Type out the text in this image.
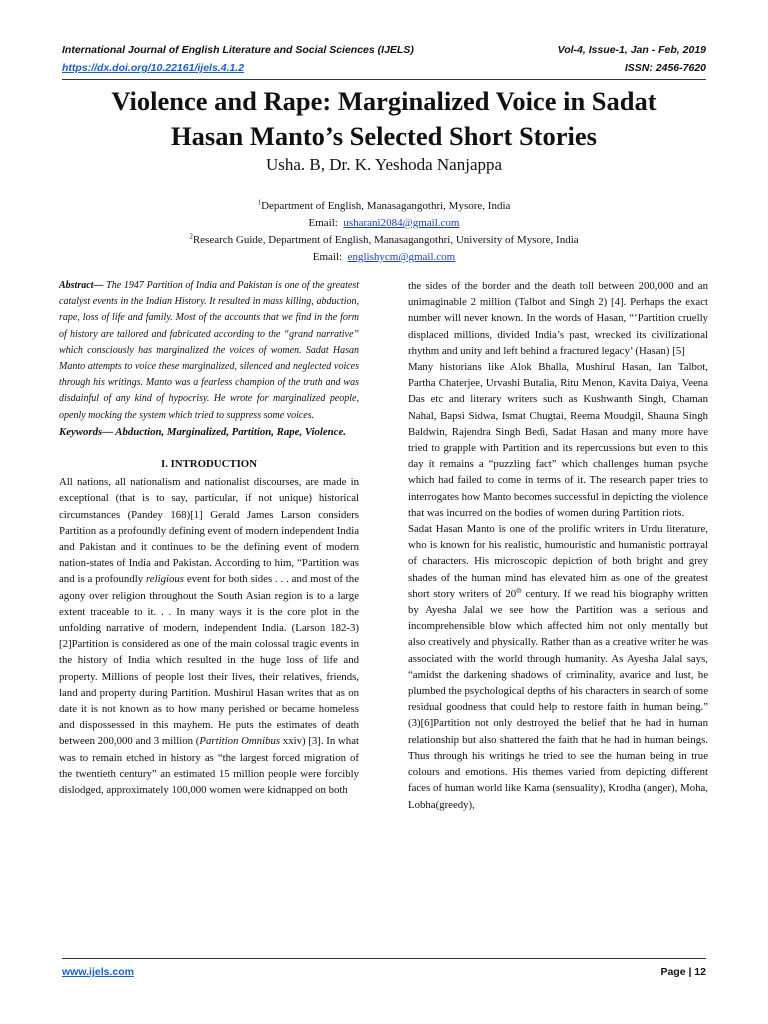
International Journal of English Literature and Social Sciences (IJELS)	Vol-4, Issue-1, Jan - Feb, 2019
https://dx.doi.org/10.22161/ijels.4.1.2	ISSN: 2456-7620
Violence and Rape: Marginalized Voice in Sadat
Hasan Manto’s Selected Short Stories
Usha. B, Dr. K. Yeshoda Nanjappa
$^1$Department of English, Manasagangothri, Mysore, India
Email: usharani2084@gmail.com
$^2$Research Guide, Department of English, Manasagangothri, University of Mysore, India
Email: englishycm@gmail.com

Abstract— The 1947 Partition of India and Pakistan is one of the greatest catalyst events in the Indian History. It resulted in mass killing, abduction, rape, loss of life and family. Most of the accounts that we find in the form of history are tailored and fabricated according to the “grand narrative” which consciously has marginalized the voices of women. Sadat Hasan Manto attempts to voice these marginalized, silenced and neglected voices through his writings. Manto was a fearless champion of the truth and was disdainful of any kind of hypocrisy. He wrote for marginalized people, openly mocking the system which tried to suppress some voices.

Keywords— Abduction, Marginalized, Partition, Rape, Violence.

I. INTRODUCTION

All nations, all nationalism and nationalist discourses, are made in exceptional (that is to say, particular, if not unique) historical circumstances (Pandey 168)[1] Gerald James Larson considers Partition as a profoundly defining event of modern independent India and Pakistan and it continues to be the defining event of modern nation-states of India and Pakistan. According to him, “Partition was and is a profoundly religious event for both sides . . . and most of the agony over religion throughout the South Asian region is to a large extent traceable to it. . . In many ways it is the core plot in the unfolding narrative of modern, independent India. (Larson 182-3) [2]Partition is considered as one of the main colossal tragic events in the history of India which resulted in the huge loss of life and property. Millions of people lost their lives, their relatives, friends, land and property during Partition. Mushirul Hasan writes that as on date it is not known as to how many perished or became homeless and dispossessed in this mayhem. He puts the estimates of death between 200,000 and 3 million (Partition Omnibus xxiv) [3]. In what was to remain etched in history as “the largest forced migration of the twentieth century” an estimated 15 million people were forcibly dislodged, approximately 100,000 women were kidnapped on both

the sides of the border and the death toll between 200,000 and an unimaginable 2 million (Talbot and Singh 2) [4]. Perhaps the exact number will never known. In the words of Hasan, “‘Partition cruelly displaced millions, divided India’s past, wrecked its civilizational rhythm and unity and left behind a fractured legacy’ (Hasan) [5]

Many historians like Alok Bhalla, Mushirul Hasan, Ian Talbot, Partha Chaterjee, Urvashi Butalia, Ritu Menon, Kavita Daiya, Veena Das etc and literary writers such as Kushwanth Singh, Chaman Nahal, Bapsi Sidwa, Ismat Chugtai, Reema Moudgil, Shauna Singh Baldwin, Rajendra Singh Bedi, Sadat Hasan and many more have tried to grapple with Partition and its repercussions but even to this day it remains a “puzzling fact” which challenges human psyche which had failed to come in terms of it. The research paper tries to interrogates how Manto becomes successful in depicting the violence that was incurred on the bodies of women during Partition riots.

Sadat Hasan Manto is one of the prolific writers in Urdu literature, who is known for his realistic, humouristic and humanistic portrayal of characters. His microscopic depiction of both bright and grey shades of the human mind has elevated him as one of the greatest short story writers of 20th century. If we read his biography written by Ayesha Jalal we see how the Partition was a serious and incomprehensible blow which affected him not only mentally but also creatively and physically. Rather than as a creative writer he was associated with the world through humanity. As Ayesha Jalal says, “amidst the darkening shadows of criminality, avarice and lust, he plumbed the psychological depths of his characters in search of some residual goodness that could help to restore faith in human being.” (3)[6]Partition not only destroyed the belief that he had in human relationship but also shattered the faith that he had in human beings. Thus through his writings he tried to see the human being in true colours and emotions. His themes varied from depicting different faces of human world like Kama (sensuality), Krodha (anger), Moha, Lobha(greedy),

www.ijels.com	Page | 12
